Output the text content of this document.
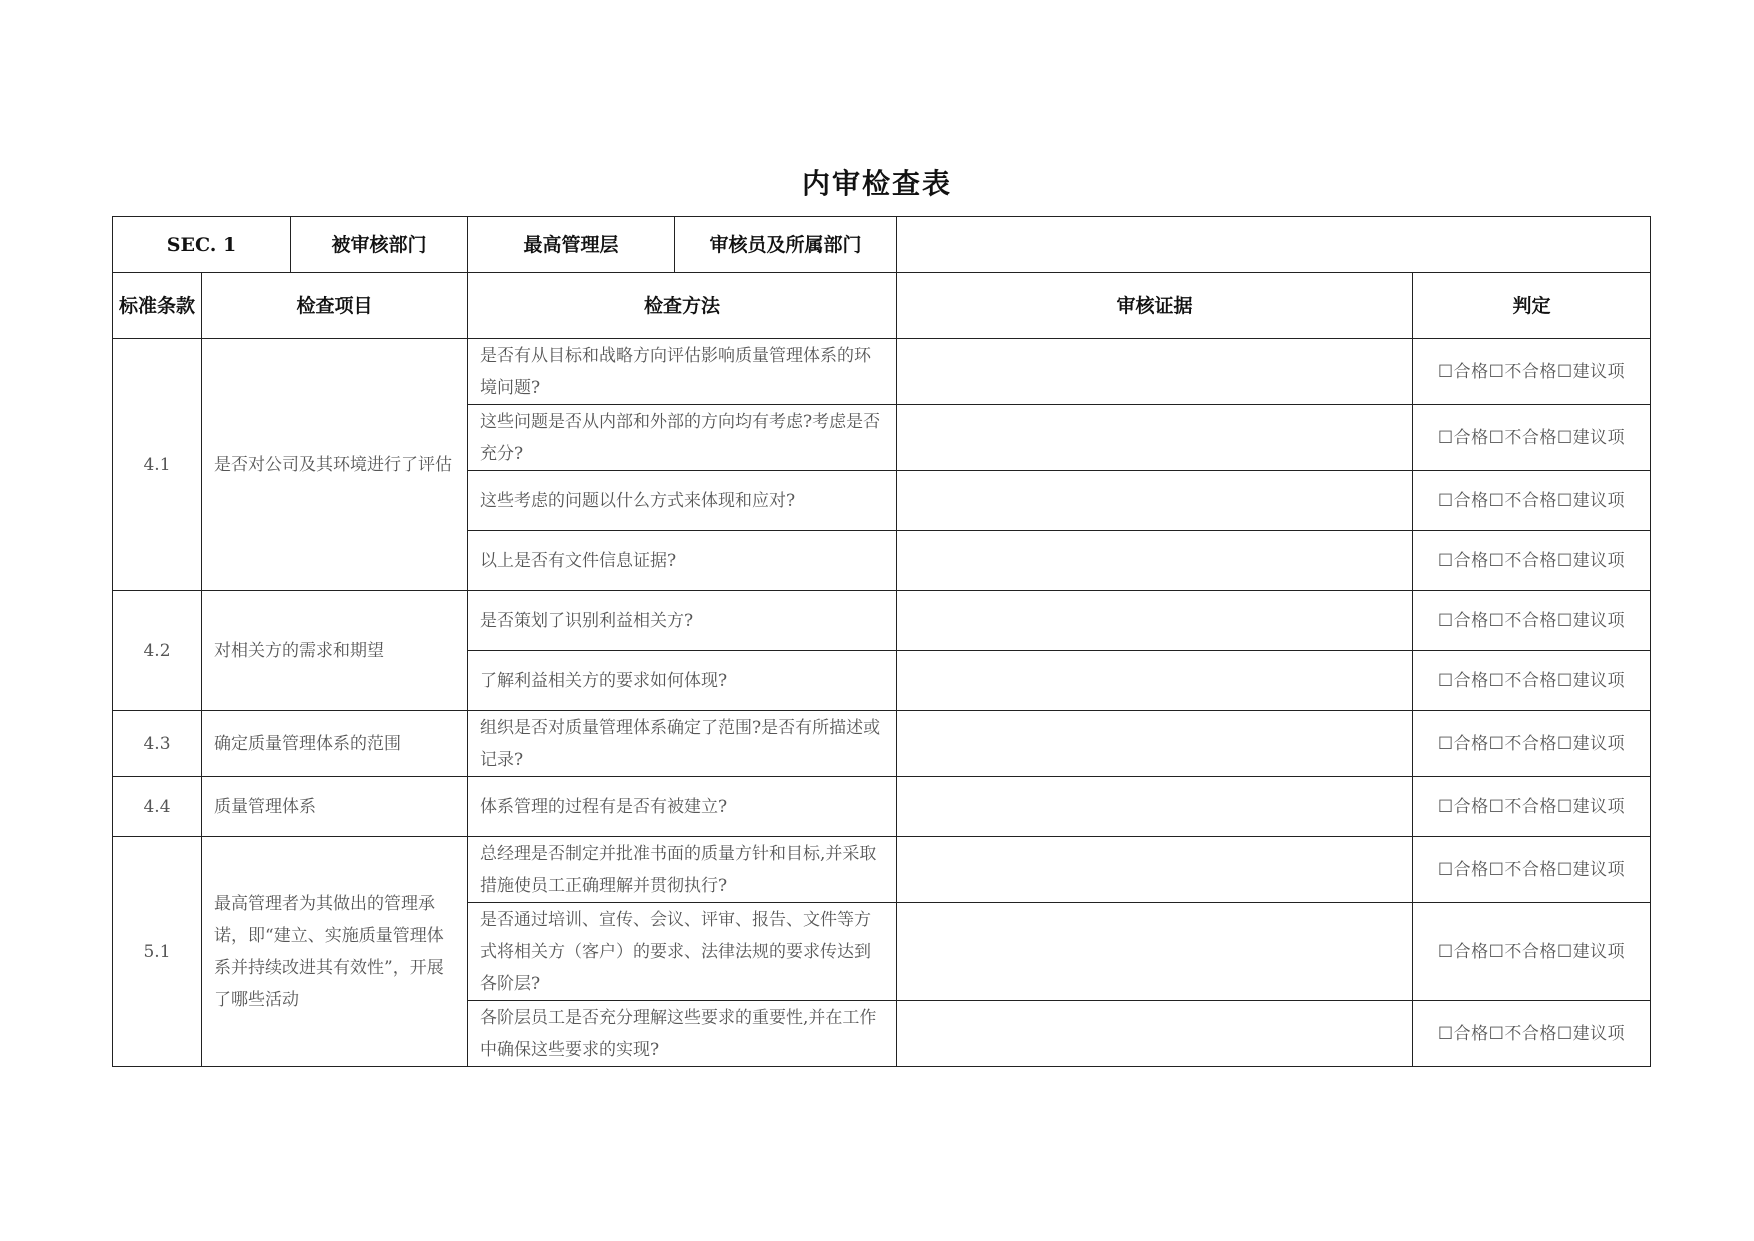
内审检查表
SEC. 1		被审核部门	最高管理层	审核员及所属部门		
标准条款	检查项目		检查方法		审核证据	判定
4.1	是否对公司及其环境进行了评估		是否有从目标和战略方向评估影响质量管理体系的环境问题?			☐合格☐不合格☐建议项
			这些问题是否从内部和外部的方向均有考虑?考虑是否充分?			☐合格☐不合格☐建议项
			这些考虑的问题以什么方式来体现和应对?			☐合格☐不合格☐建议项
			以上是否有文件信息证据?			☐合格☐不合格☐建议项
4.2	对相关方的需求和期望		是否策划了识别利益相关方?			☐合格☐不合格☐建议项
			了解利益相关方的要求如何体现?			☐合格☐不合格☐建议项
4.3	确定质量管理体系的范围		组织是否对质量管理体系确定了范围?是否有所描述或记录?			☐合格☐不合格☐建议项
4.4	质量管理体系		体系管理的过程有是否有被建立?			☐合格☐不合格☐建议项
5.1	最高管理者为其做出的管理承诺，即“建立、实施质量管理体系并持续改进其有效性”，开展了哪些活动		总经理是否制定并批准书面的质量方针和目标,并采取措施使员工正确理解并贯彻执行?			☐合格☐不合格☐建议项
			是否通过培训、宣传、会议、评审、报告、文件等方式将相关方（客户）的要求、法律法规的要求传达到各阶层?			☐合格☐不合格☐建议项
			各阶层员工是否充分理解这些要求的重要性,并在工作中确保这些要求的实现?			☐合格☐不合格☐建议项
